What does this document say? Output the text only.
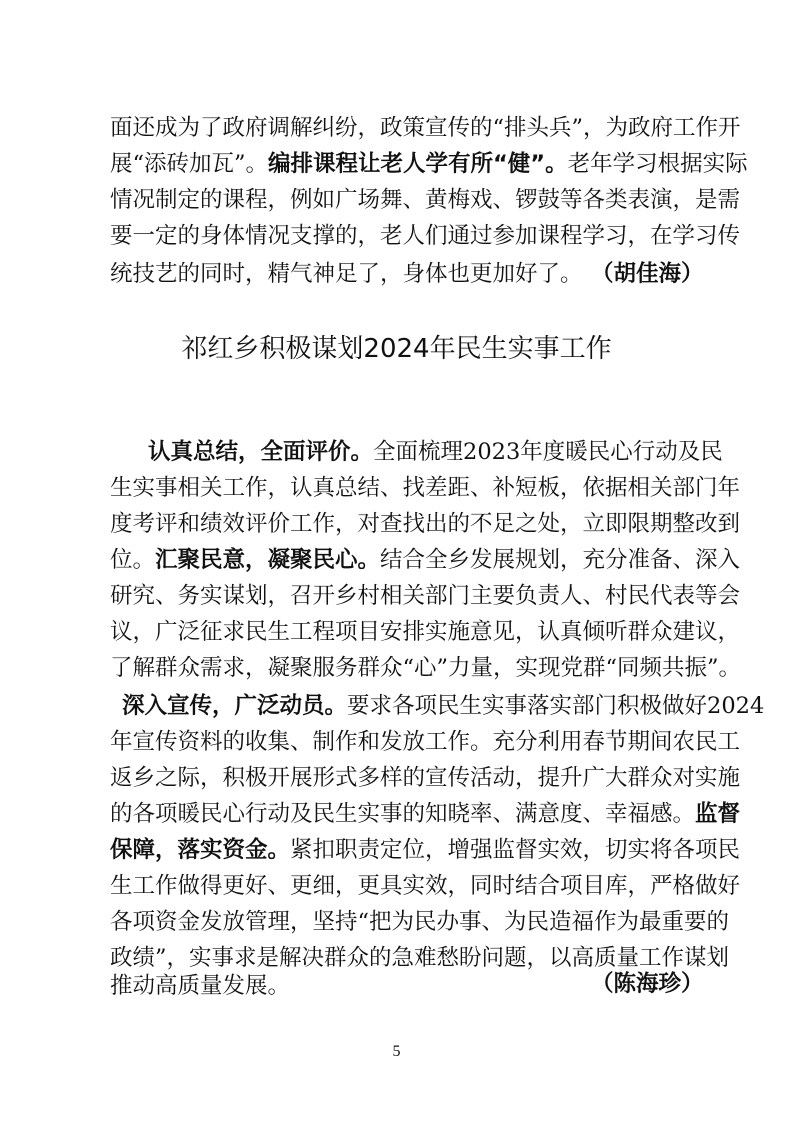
面还成为了政府调解纠纷，政策宣传的“排头兵”，为政府工作开
展“添砖加瓦”。编排课程让老人学有所“健”。老年学习根据实际
情况制定的课程，例如广场舞、黄梅戏、锣鼓等各类表演，是需
要一定的身体情况支撑的，老人们通过参加课程学习，在学习传
统技艺的同时，精气神足了，身体也更加好了。 （胡佳海）
祁红乡积极谋划2024年民生实事工作
认真总结，全面评价。全面梳理2023年度暖民心行动及民
生实事相关工作，认真总结、找差距、补短板，依据相关部门年
度考评和绩效评价工作，对查找出的不足之处，立即限期整改到
位。汇聚民意，凝聚民心。结合全乡发展规划，充分准备、深入
研究、务实谋划，召开乡村相关部门主要负责人、村民代表等会
议，广泛征求民生工程项目安排实施意见，认真倾听群众建议，
了解群众需求，凝聚服务群众“心”力量，实现党群“同频共振”。
深入宣传，广泛动员。要求各项民生实事落实部门积极做好2024
年宣传资料的收集、制作和发放工作。充分利用春节期间农民工
返乡之际，积极开展形式多样的宣传活动，提升广大群众对实施
的各项暖民心行动及民生实事的知晓率、满意度、幸福感。监督
保障，落实资金。紧扣职责定位，增强监督实效，切实将各项民
生工作做得更好、更细，更具实效，同时结合项目库，严格做好
各项资金发放管理，坚持“把为民办事、为民造福作为最重要的
政绩”，实事求是解决群众的急难愁盼问题，以高质量工作谋划
推动高质量发展。	（陈海珍）
5
